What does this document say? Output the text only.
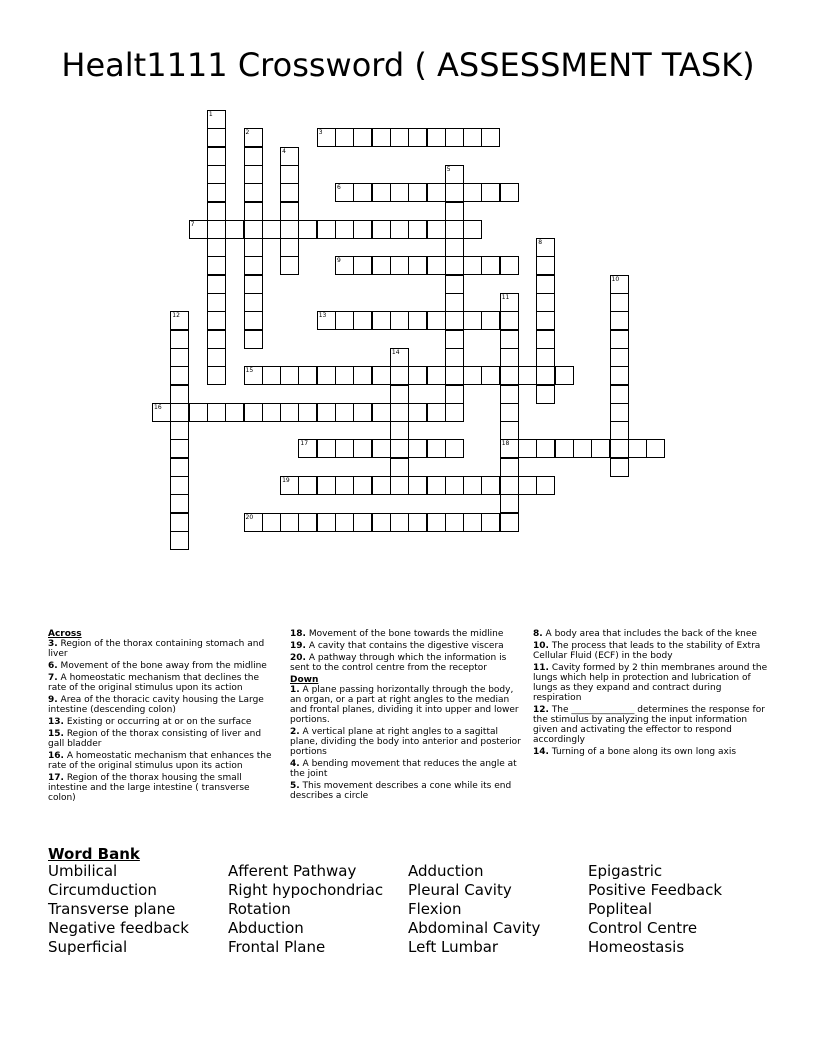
Healt1111 Crossword ( ASSESSMENT TASK)
1
2	3
4
5
6
7
8
9
10
11
12	13
14
15
16
17	18
19
20
Across
3. Region of the thorax containing stomach and liver
6. Movement of the bone away from the midline
7. A homeostatic mechanism that declines the rate of the original stimulus upon its action
9. Area of the thoracic cavity housing the Large intestine (descending colon)
13. Existing or occurring at or on the surface
15. Region of the thorax consisting of liver and gall bladder
16. A homeostatic mechanism that enhances the rate of the original stimulus upon its action
17. Region of the thorax housing the small intestine and the large intestine ( transverse colon)
18. Movement of the bone towards the midline
19. A cavity that contains the digestive viscera
20. A pathway through which the information is sent to the control centre from the receptor
Down
1. A plane passing horizontally through the body, an organ, or a part at right angles to the median and frontal planes, dividing it into upper and lower portions.
2. A vertical plane at right angles to a sagittal plane, dividing the body into anterior and posterior portions
4. A bending movement that reduces the angle at the joint
5. This movement describes a cone while its end describes a circle
8. A body area that includes the back of the knee
10. The process that leads to the stability of Extra Cellular Fluid (ECF) in the body
11. Cavity formed by 2 thin membranes around the lungs which help in protection and lubrication of lungs as they expand and contract during respiration
12. The ______________ determines the response for the stimulus by analyzing the input information given and activating the effector to respond accordingly
14. Turning of a bone along its own long axis
Word Bank
Umbilical
Circumduction
Transverse plane
Negative feedback
Superficial
Afferent Pathway
Right hypochondriac
Rotation
Abduction
Frontal Plane
Adduction
Pleural Cavity
Flexion
Abdominal Cavity
Left Lumbar
Epigastric
Positive Feedback
Popliteal
Control Centre
Homeostasis
